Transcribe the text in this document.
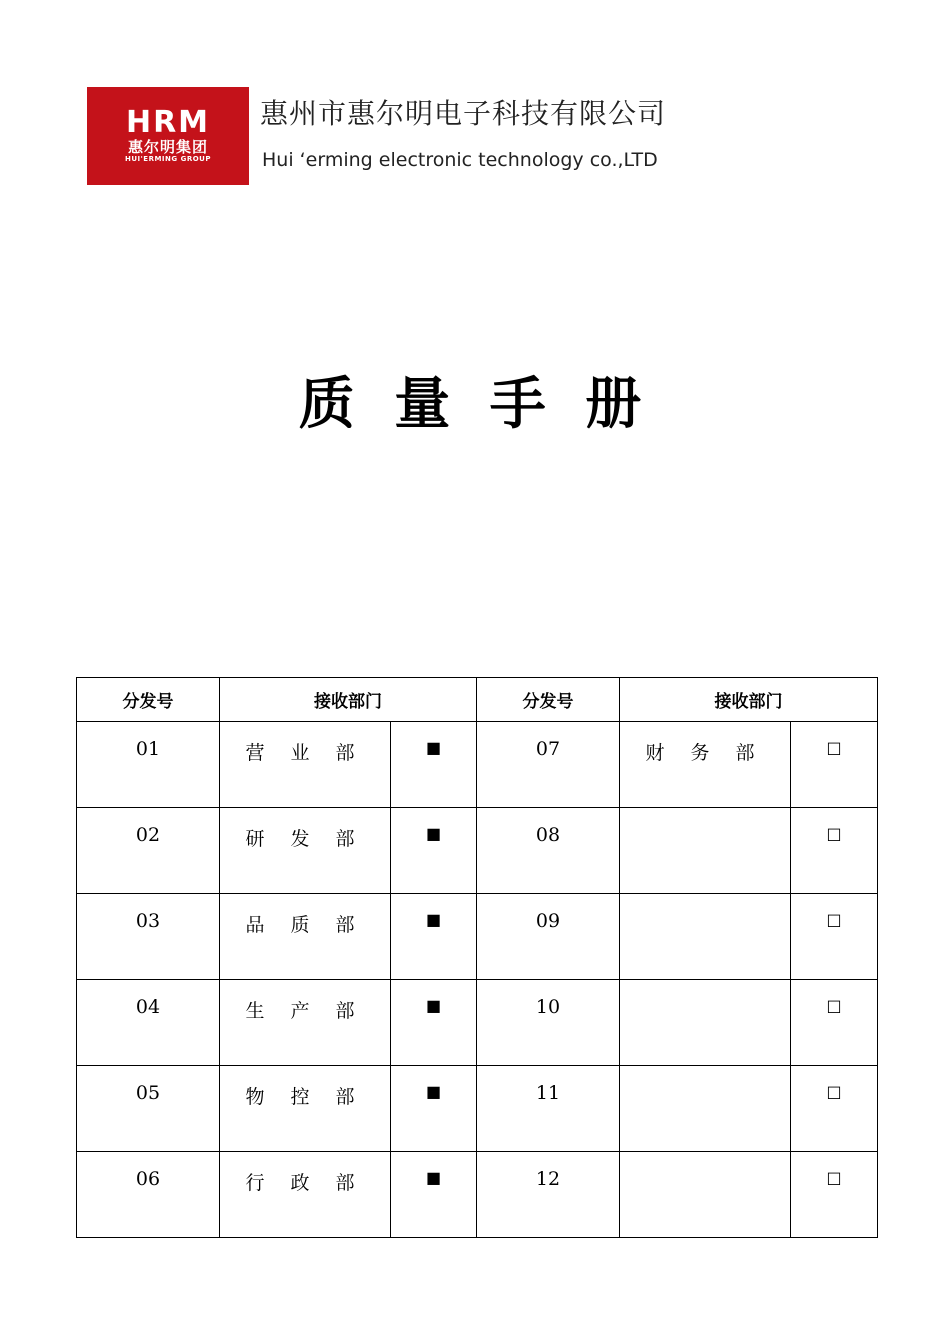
HRM
惠尔明集团
HUI'ERMING GROUP
惠州市惠尔明电子科技有限公司
Hui ‘erming electronic technology co.,LTD
质 量 手 册
分发号	接收部门		分发号	接收部门	
01	营 业 部	■	07	财 务 部	□
02	研 发 部	■	08		□
03	品 质 部	■	09		□
04	生 产 部	■	10		□
05	物 控 部	■	11		□
06	行 政 部	■	12		□
